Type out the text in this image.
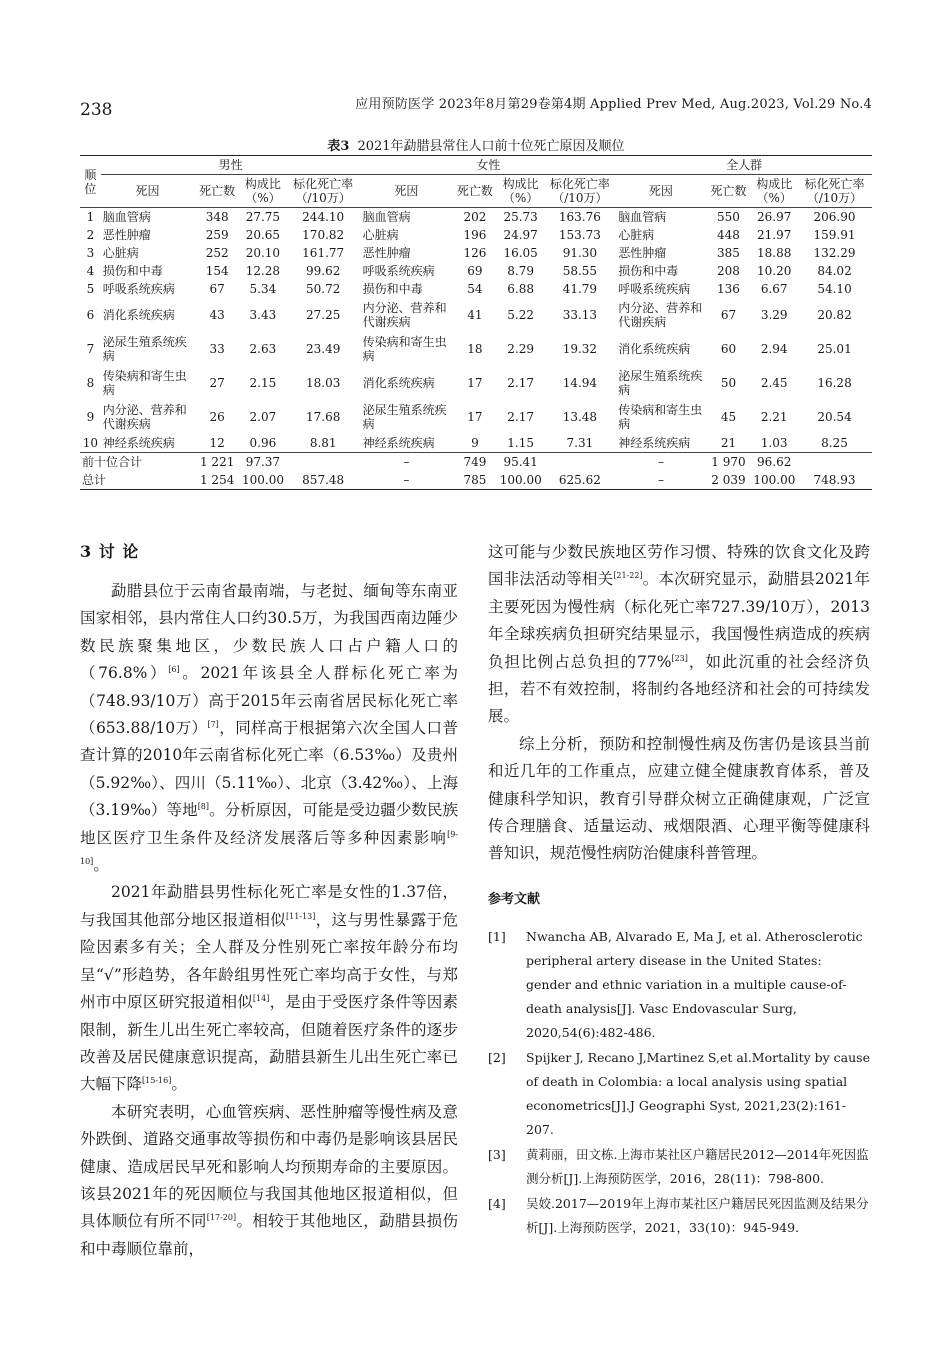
238	应用预防医学 2023年8月第29卷第4期 Applied Prev Med, Aug.2023, Vol.29 No.4
表3 2021年勐腊县常住人口前十位死亡原因及顺位
顺位	男性				女性				全人群			
	死因	死亡数	构成比（%）	标化死亡率（/10万）	死因	死亡数	构成比（%）	标化死亡率（/10万）	死因	死亡数	构成比（%）	标化死亡率（/10万）
1	脑血管病	348	27.75	244.10	脑血管病	202	25.73	163.76	脑血管病	550	26.97	206.90
2	恶性肿瘤	259	20.65	170.82	心脏病	196	24.97	153.73	心脏病	448	21.97	159.91
3	心脏病	252	20.10	161.77	恶性肿瘤	126	16.05	91.30	恶性肿瘤	385	18.88	132.29
4	损伤和中毒	154	12.28	99.62	呼吸系统疾病	69	8.79	58.55	损伤和中毒	208	10.20	84.02
5	呼吸系统疾病	67	5.34	50.72	损伤和中毒	54	6.88	41.79	呼吸系统疾病	136	6.67	54.10
6	消化系统疾病	43	3.43	27.25	内分泌、营养和代谢疾病	41	5.22	33.13	内分泌、营养和代谢疾病	67	3.29	20.82
7	泌尿生殖系统疾病	33	2.63	23.49	传染病和寄生虫病	18	2.29	19.32	消化系统疾病	60	2.94	25.01
8	传染病和寄生虫病	27	2.15	18.03	消化系统疾病	17	2.17	14.94	泌尿生殖系统疾病	50	2.45	16.28
9	内分泌、营养和代谢疾病	26	2.07	17.68	泌尿生殖系统疾病	17	2.17	13.48	传染病和寄生虫病	45	2.21	20.54
10	神经系统疾病	12	0.96	8.81	神经系统疾病	9	1.15	7.31	神经系统疾病	21	1.03	8.25
前十位合计		1 221	97.37		–	749	95.41		–	1 970	96.62	
总计		1 254	100.00	857.48	–	785	100.00	625.62	–	2 039	100.00	748.93
3 讨 论

勐腊县位于云南省最南端，与老挝、缅甸等东南亚国家相邻，县内常住人口约30.5万，为我国西南边陲少数民族聚集地区，少数民族人口占户籍人口的（76.8%）[6]。2021年该县全人群标化死亡率为（748.93/10万）高于2015年云南省居民标化死亡率（653.88/10万）[7]，同样高于根据第六次全国人口普查计算的2010年云南省标化死亡率（6.53‰）及贵州（5.92‰）、四川（5.11‰）、北京（3.42‰）、上海（3.19‰）等地[8]。分析原因，可能是受边疆少数民族地区医疗卫生条件及经济发展落后等多种因素影响[9-10]。

2021年勐腊县男性标化死亡率是女性的1.37倍，与我国其他部分地区报道相似[11-13]，这与男性暴露于危险因素多有关；全人群及分性别死亡率按年龄分布均呈“√”形趋势，各年龄组男性死亡率均高于女性，与郑州市中原区研究报道相似[14]，是由于受医疗条件等因素限制，新生儿出生死亡率较高，但随着医疗条件的逐步改善及居民健康意识提高，勐腊县新生儿出生死亡率已大幅下降[15-16]。

本研究表明，心血管疾病、恶性肿瘤等慢性病及意外跌倒、道路交通事故等损伤和中毒仍是影响该县居民健康、造成居民早死和影响人均预期寿命的主要原因。该县2021年的死因顺位与我国其他地区报道相似，但具体顺位有所不同[17-20]。相较于其他地区，勐腊县损伤和中毒顺位靠前，

这可能与少数民族地区劳作习惯、特殊的饮食文化及跨国非法活动等相关[21-22]。本次研究显示，勐腊县2021年主要死因为慢性病（标化死亡率727.39/10万），2013年全球疾病负担研究结果显示，我国慢性病造成的疾病负担比例占总负担的77%[23]，如此沉重的社会经济负担，若不有效控制，将制约各地经济和社会的可持续发展。

综上分析，预防和控制慢性病及伤害仍是该县当前和近几年的工作重点，应建立健全健康教育体系，普及健康科学知识，教育引导群众树立正确健康观，广泛宣传合理膳食、适量运动、戒烟限酒、心理平衡等健康科普知识，规范慢性病防治健康科普管理。

参考文献
[1]	Nwancha AB, Alvarado E, Ma J, et al. Atherosclerotic peripheral artery disease in the United States: gender and ethnic variation in a multiple cause-of-death analysis[J]. Vasc Endovascular Surg, 2020,54(6):482-486.
[2]	Spijker J, Recano J,Martinez S,et al.Mortality by cause of death in Colombia: a local analysis using spatial econometrics[J].J Geographi Syst, 2021,23(2):161-207.
[3]	黄莉丽，田文栋.上海市某社区户籍居民2012—2014年死因监测分析[J].上海预防医学，2016，28(11)：798-800.
[4]	吴姣.2017—2019年上海市某社区户籍居民死因监测及结果分析[J].上海预防医学，2021，33(10)：945-949.
